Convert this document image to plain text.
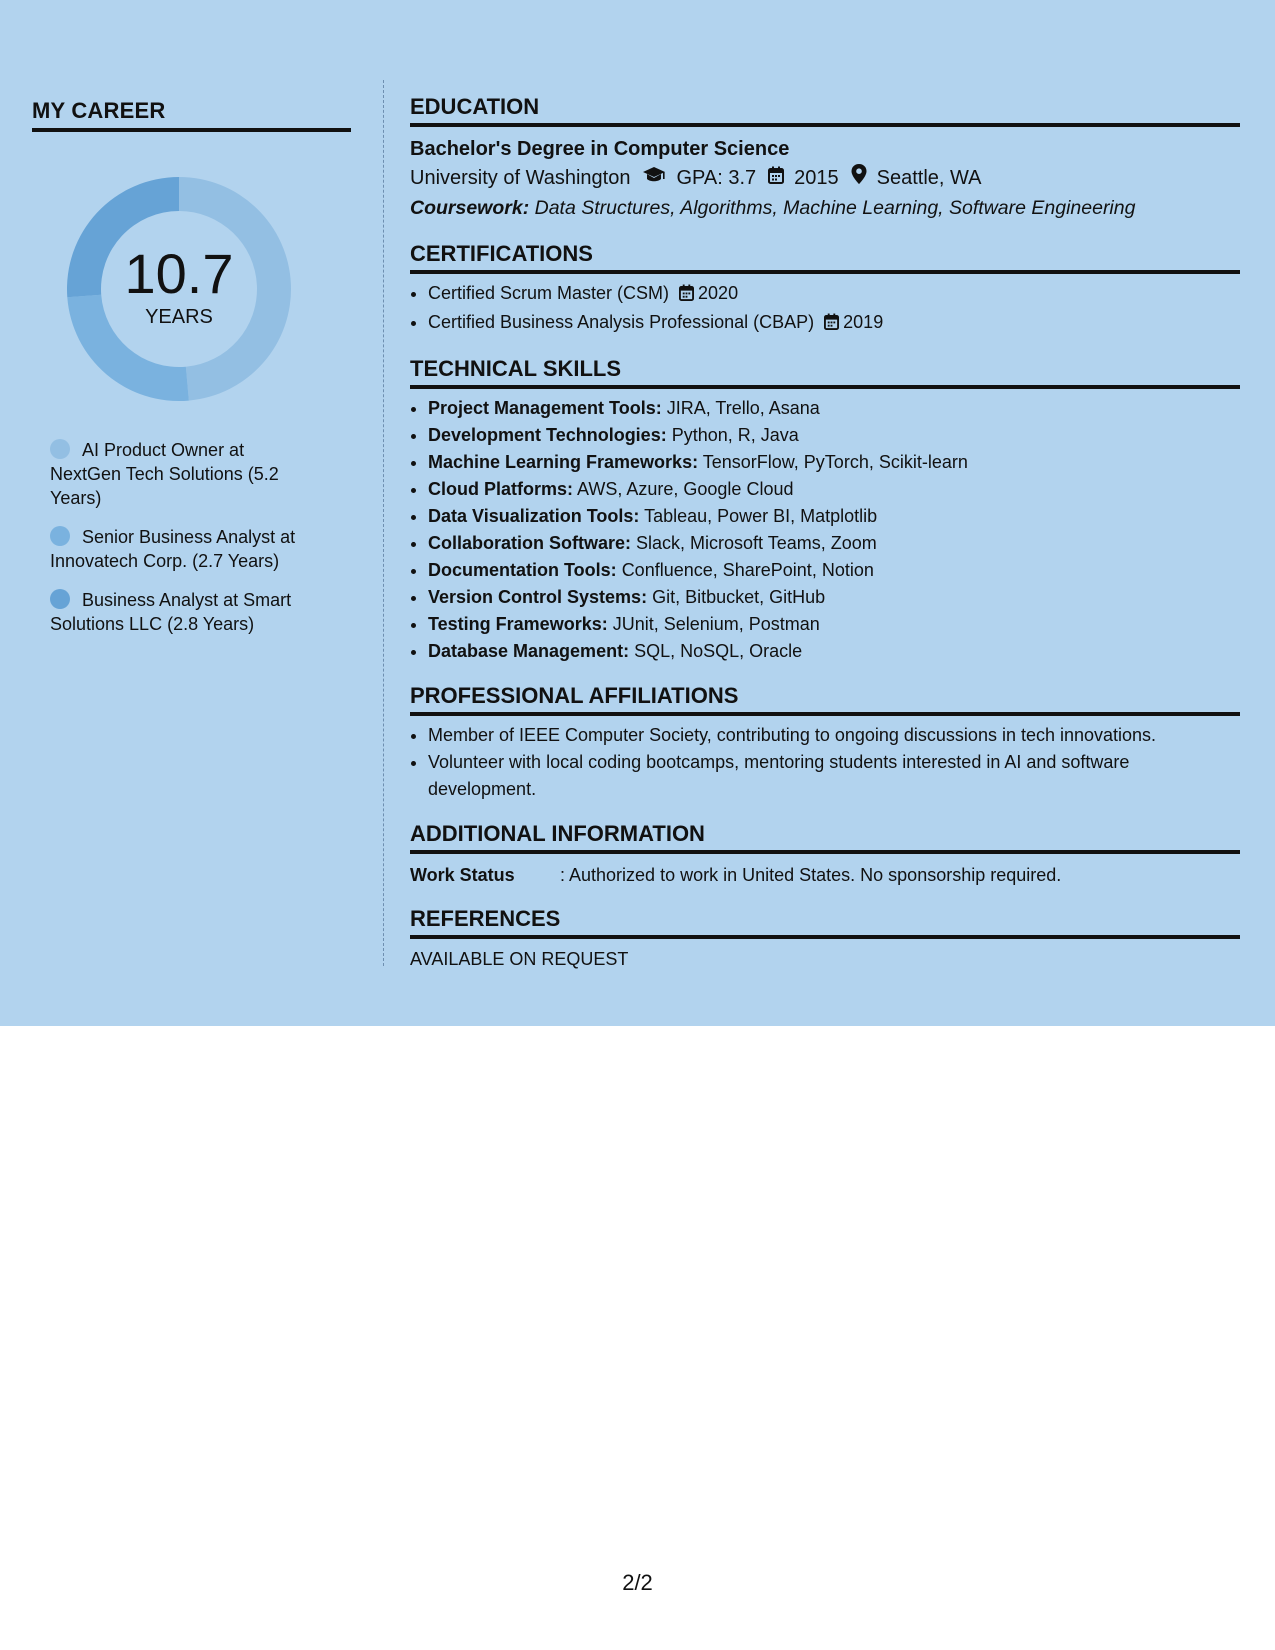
MY CAREER
10.7
YEARS
AI Product Owner at NextGen Tech Solutions (5.2 Years)
Senior Business Analyst at Innovatech Corp. (2.7 Years)
Business Analyst at Smart Solutions LLC (2.8 Years)
EDUCATION
Bachelor's Degree in Computer Science
University of Washington GPA: 3.7 2015 Seattle, WA
Coursework: Data Structures, Algorithms, Machine Learning, Software Engineering
CERTIFICATIONS
• Certified Scrum Master (CSM) 2020
• Certified Business Analysis Professional (CBAP) 2019
TECHNICAL SKILLS
• Project Management Tools: JIRA, Trello, Asana
• Development Technologies: Python, R, Java
• Machine Learning Frameworks: TensorFlow, PyTorch, Scikit-learn
• Cloud Platforms: AWS, Azure, Google Cloud
• Data Visualization Tools: Tableau, Power BI, Matplotlib
• Collaboration Software: Slack, Microsoft Teams, Zoom
• Documentation Tools: Confluence, SharePoint, Notion
• Version Control Systems: Git, Bitbucket, GitHub
• Testing Frameworks: JUnit, Selenium, Postman
• Database Management: SQL, NoSQL, Oracle
PROFESSIONAL AFFILIATIONS
• Member of IEEE Computer Society, contributing to ongoing discussions in tech innovations.
• Volunteer with local coding bootcamps, mentoring students interested in AI and software development.
ADDITIONAL INFORMATION
Work Status	: Authorized to work in United States. No sponsorship required.
REFERENCES
AVAILABLE ON REQUEST
2/2
